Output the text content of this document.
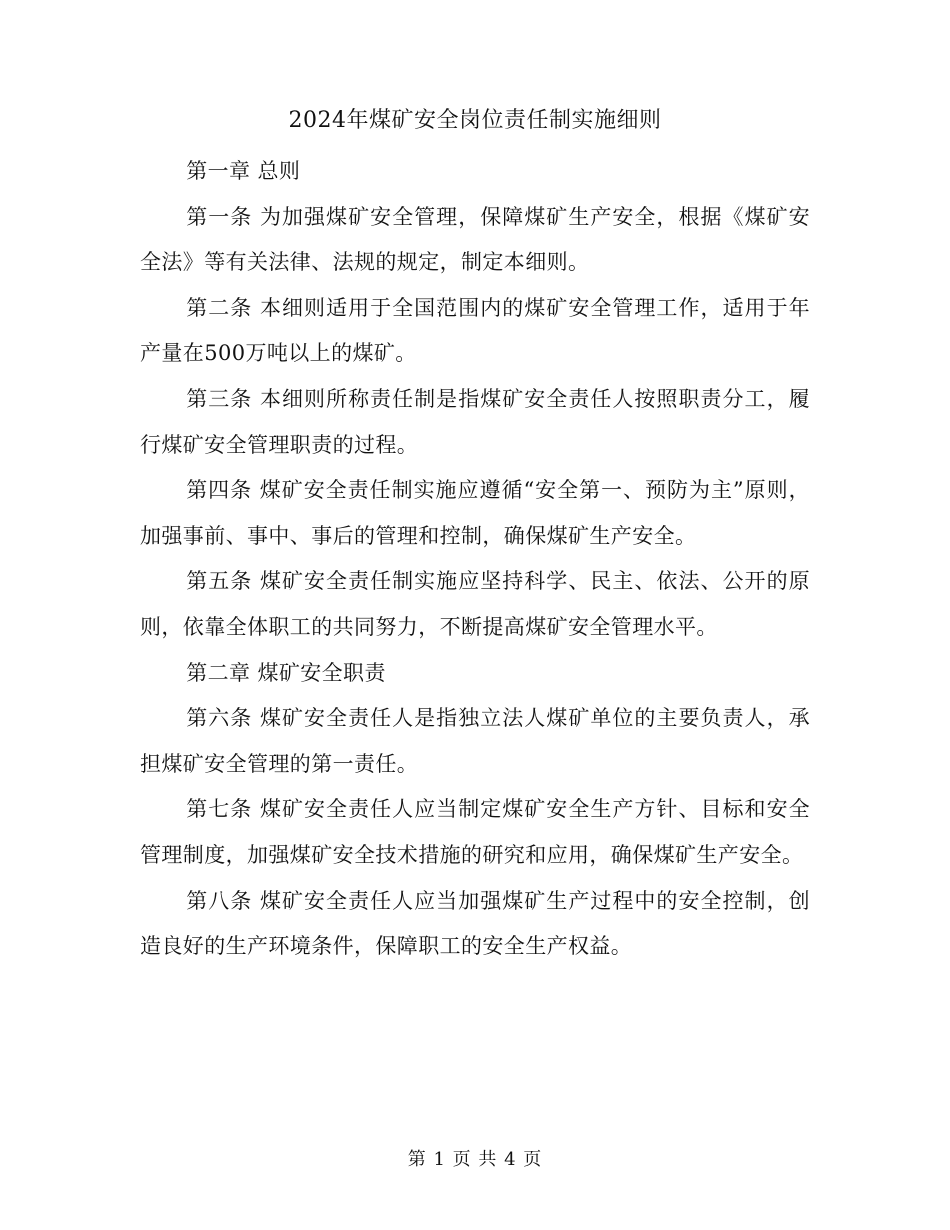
2024年煤矿安全岗位责任制实施细则

第一章 总则

第一条 为加强煤矿安全管理，保障煤矿生产安全，根据《煤矿安全法》等有关法律、法规的规定，制定本细则。

第二条 本细则适用于全国范围内的煤矿安全管理工作，适用于年产量在500万吨以上的煤矿。

第三条 本细则所称责任制是指煤矿安全责任人按照职责分工，履行煤矿安全管理职责的过程。

第四条 煤矿安全责任制实施应遵循“安全第一、预防为主”原则，加强事前、事中、事后的管理和控制，确保煤矿生产安全。

第五条 煤矿安全责任制实施应坚持科学、民主、依法、公开的原则，依靠全体职工的共同努力，不断提高煤矿安全管理水平。

第二章 煤矿安全职责

第六条 煤矿安全责任人是指独立法人煤矿单位的主要负责人，承担煤矿安全管理的第一责任。

第七条 煤矿安全责任人应当制定煤矿安全生产方针、目标和安全管理制度，加强煤矿安全技术措施的研究和应用，确保煤矿生产安全。

第八条 煤矿安全责任人应当加强煤矿生产过程中的安全控制，创造良好的生产环境条件，保障职工的安全生产权益。

第 1 页 共 4 页
